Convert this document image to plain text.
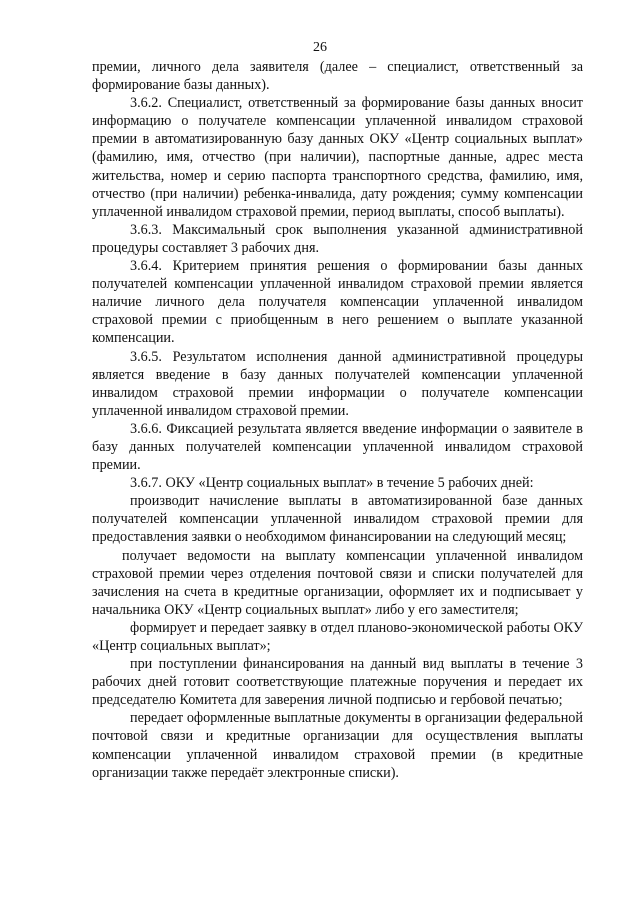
26

премии, личного дела заявителя (далее – специалист, ответственный за формирование базы данных).

3.6.2. Специалист, ответственный за формирование базы данных вносит информацию о получателе компенсации уплаченной инвалидом страховой премии в автоматизированную базу данных ОКУ «Центр социальных выплат» (фамилию, имя, отчество (при наличии), паспортные данные, адрес места жительства, номер и серию паспорта транспортного средства, фамилию, имя, отчество (при наличии) ребенка-инвалида, дату рождения; сумму компенсации уплаченной инвалидом страховой премии, период выплаты, способ выплаты).

3.6.3. Максимальный срок выполнения указанной административной процедуры составляет 3 рабочих дня.

3.6.4. Критерием принятия решения о формировании базы данных получателей компенсации уплаченной инвалидом страховой премии является наличие личного дела получателя компенсации уплаченной инвалидом страховой премии с приобщенным в него решением о выплате указанной компенсации.

3.6.5. Результатом исполнения данной административной процедуры является введение в базу данных получателей компенсации уплаченной инвалидом страховой премии информации о получателе компенсации уплаченной инвалидом страховой премии.

3.6.6. Фиксацией результата является введение информации о заявителе в базу данных получателей компенсации уплаченной инвалидом страховой премии.

3.6.7. ОКУ «Центр социальных выплат» в течение 5 рабочих дней:

производит начисление выплаты в автоматизированной базе данных получателей компенсации уплаченной инвалидом страховой премии для предоставления заявки о необходимом финансировании на следующий месяц;

получает ведомости на выплату компенсации уплаченной инвалидом страховой премии через отделения почтовой связи и списки получателей для зачисления на счета в кредитные организации, оформляет их и подписывает у начальника ОКУ «Центр социальных выплат» либо у его заместителя;

формирует и передает заявку в отдел планово-экономической работы ОКУ «Центр социальных выплат»;

при поступлении финансирования на данный вид выплаты в течение 3 рабочих дней готовит соответствующие платежные поручения и передает их председателю Комитета для заверения личной подписью и гербовой печатью;

передает оформленные выплатные документы в организации федеральной почтовой связи и кредитные организации для осуществления выплаты компенсации уплаченной инвалидом страховой премии (в кредитные организации также передаёт электронные списки).
